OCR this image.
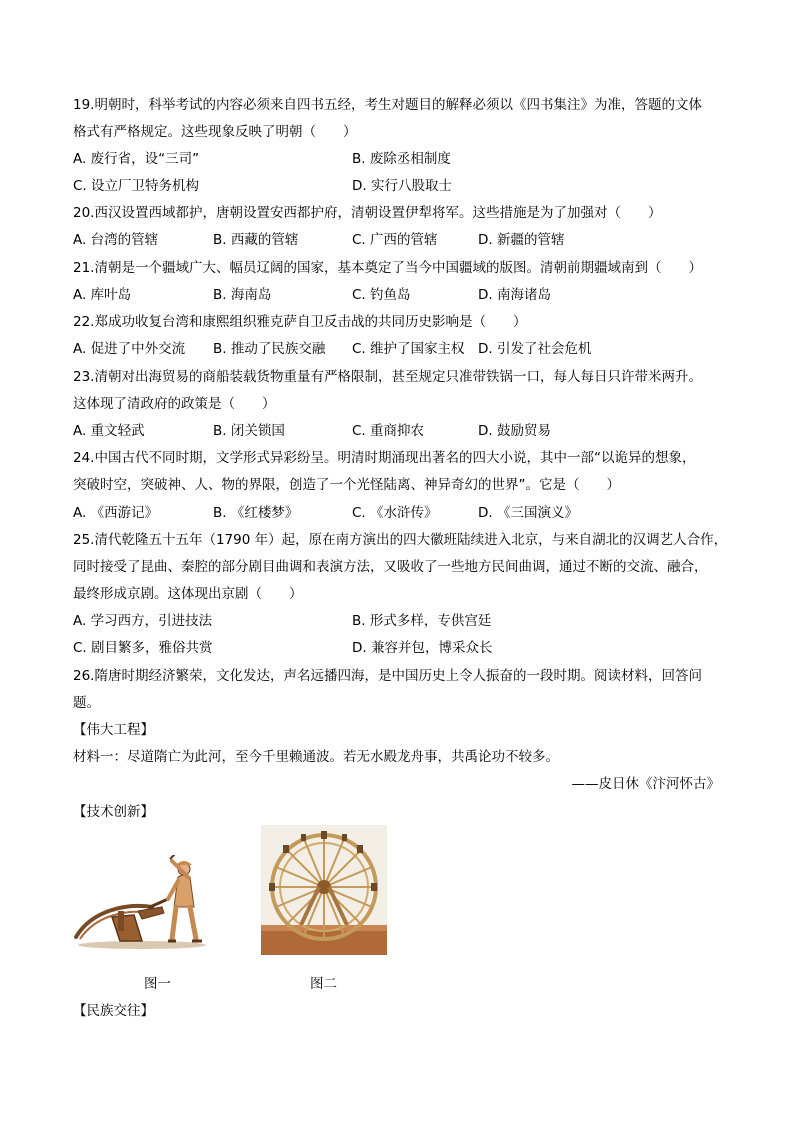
19.明朝时，科举考试的内容必须来自四书五经，考生对题目的解释必须以《四书集注》为准，答题的文体
格式有严格规定。这些现象反映了明朝（　　）
A. 废行省，设“三司”	B. 废除丞相制度
C. 设立厂卫特务机构	D. 实行八股取士
20.西汉设置西域都护，唐朝设置安西都护府，清朝设置伊犁将军。这些措施是为了加强对（　　）
A. 台湾的管辖	B. 西藏的管辖	C. 广西的管辖	D. 新疆的管辖
21.清朝是一个疆域广大、幅员辽阔的国家，基本奠定了当今中国疆域的版图。清朝前期疆域南到（　　）
A. 库叶岛	B. 海南岛	C. 钓鱼岛	D. 南海诸岛
22.郑成功收复台湾和康熙组织雅克萨自卫反击战的共同历史影响是（　　）
A. 促进了中外交流 B. 推动了民族交融 C. 维护了国家主权 D. 引发了社会危机
23.清朝对出海贸易的商船装载货物重量有严格限制，甚至规定只准带铁锅一口，每人每日只许带米两升。
这体现了清政府的政策是（　　）
A. 重文轻武	B. 闭关锁国	C. 重商抑农	D. 鼓励贸易
24.中国古代不同时期，文学形式异彩纷呈。明清时期涌现出著名的四大小说，其中一部“以诡异的想象，
突破时空，突破神、人、物的界限，创造了一个光怪陆离、神异奇幻的世界”。它是（　　）
A. 《西游记》	B. 《红楼梦》	C. 《水浒传》	D. 《三国演义》
25.清代乾隆五十五年（1790 年）起，原在南方演出的四大徽班陆续进入北京，与来自湖北的汉调艺人合作，
同时接受了昆曲、秦腔的部分剧目曲调和表演方法，又吸收了一些地方民间曲调，通过不断的交流、融合，
最终形成京剧。这体现出京剧（　　）
A. 学习西方，引进技法	B. 形式多样，专供宫廷
C. 剧目繁多，雅俗共赏	D. 兼容并包，博采众长
26.隋唐时期经济繁荣，文化发达，声名远播四海，是中国历史上令人振奋的一段时期。阅读材料，回答问
题。
【伟大工程】
材料一：尽道隋亡为此河，至今千里赖通波。若无水殿龙舟事，共禹论功不较多。
——皮日休《汴河怀古》
【技术创新】
图一	图二
【民族交往】
